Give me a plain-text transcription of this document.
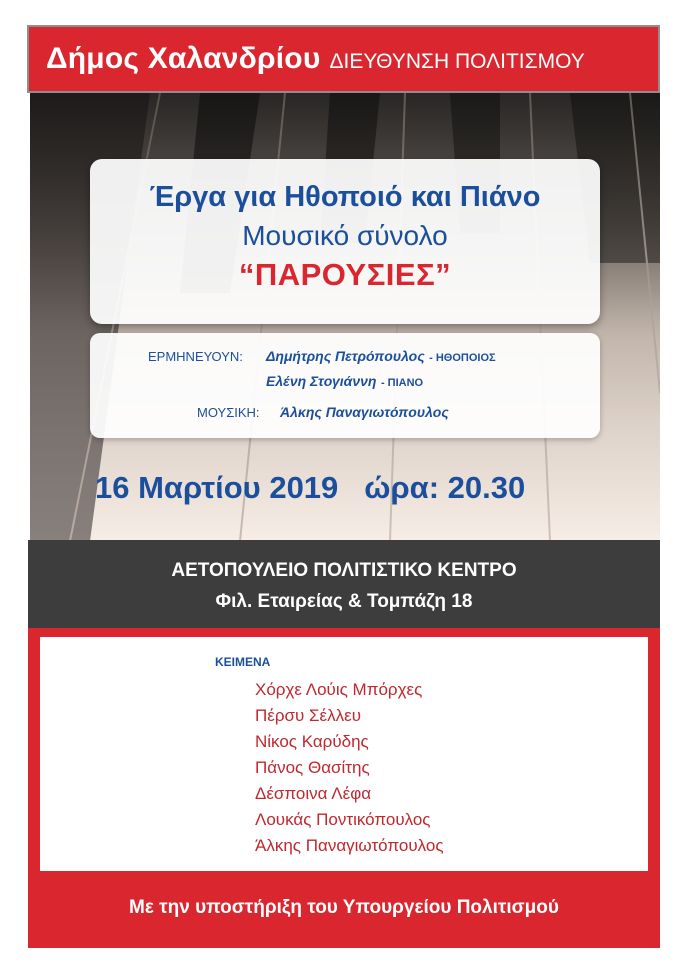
Δήμος Χαλανδρίου ΔΙΕΥΘΥΝΣΗ ΠΟΛΙΤΙΣΜΟΥ
Έργα για Ηθοποιό και Πιάνο
Μουσικό σύνολο
“ΠΑΡΟΥΣΙΕΣ”
ΕΡΜΗΝΕΥΟΥΝ: Δημήτρης Πετρόπουλος - ΗΘΟΠΟΙΟΣ
Ελένη Στογιάννη - ΠΙΑΝΟ
ΜΟΥΣΙΚΗ: Άλκης Παναγιωτόπουλος
16 Μαρτίου 2019 ώρα: 20.30
ΑΕΤΟΠΟΥΛΕΙΟ ΠΟΛΙΤΙΣΤΙΚΟ ΚΕΝΤΡΟ
Φιλ. Εταιρείας & Τομπάζη 18
ΚΕΙΜΕΝΑ
Χόρχε Λούις Μπόρχες
Πέρσυ Σέλλευ
Νίκος Καρύδης
Πάνος Θασίτης
Δέσποινα Λέφα
Λουκάς Ποντικόπουλος
Άλκης Παναγιωτόπουλος
Με την υποστήριξη του Υπουργείου Πολιτισμού
